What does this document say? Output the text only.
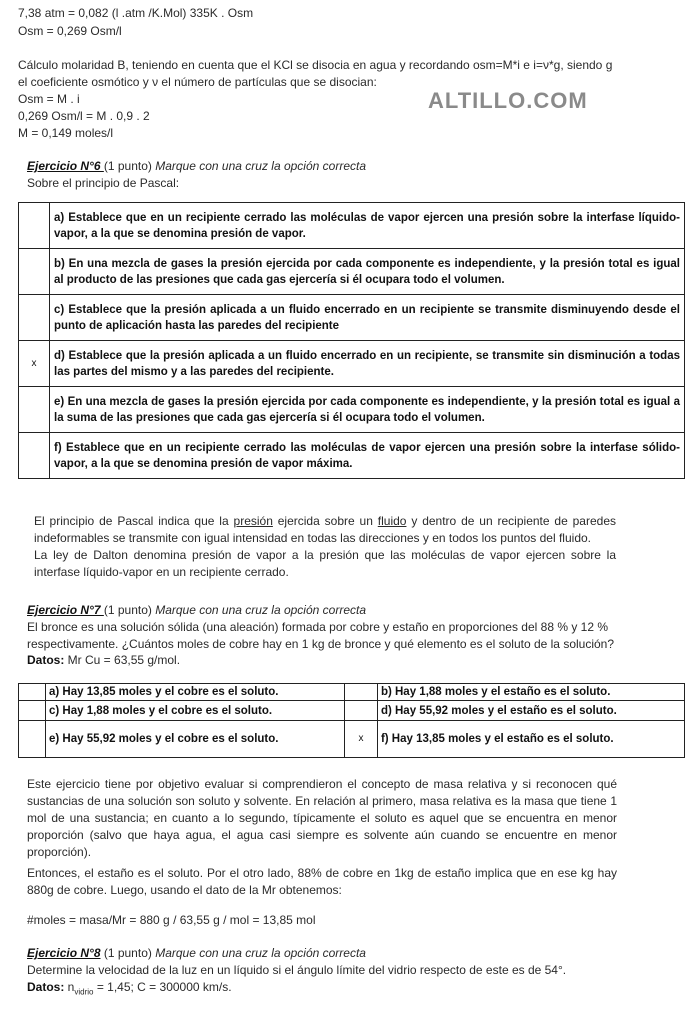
7,38 atm = 0,082 (l .atm /K.Mol) 335K . Osm
Osm = 0,269 Osm/l
Cálculo molaridad B, teniendo en cuenta que el KCl se disocia en agua y recordando osm=M*i e i=ν*g, siendo g el coeficiente osmótico y ν el número de partículas que se disocian:
Osm = M . i
0,269 Osm/l = M . 0,9 . 2
M = 0,149 moles/l
ALTILLO.COM
Ejercicio N°6 (1 punto) Marque con una cruz la opción correcta
Sobre el principio de Pascal:
	a) Establece que en un recipiente cerrado las moléculas de vapor ejercen una presión sobre la interfase líquido-vapor, a la que se denomina presión de vapor.
	b) En una mezcla de gases la presión ejercida por cada componente es independiente, y la presión total es igual al producto de las presiones que cada gas ejercería si él ocupara todo el volumen.
	c) Establece que la presión aplicada a un fluido encerrado en un recipiente se transmite disminuyendo desde el punto de aplicación hasta las paredes del recipiente
x	d) Establece que la presión aplicada a un fluido encerrado en un recipiente, se transmite sin disminución a todas las partes del mismo y a las paredes del recipiente.
	e) En una mezcla de gases la presión ejercida por cada componente es independiente, y la presión total es igual a la suma de las presiones que cada gas ejercería si él ocupara todo el volumen.
	f) Establece que en un recipiente cerrado las moléculas de vapor ejercen una presión sobre la interfase sólido-vapor, a la que se denomina presión de vapor máxima.
El principio de Pascal indica que la presión ejercida sobre un fluido y dentro de un recipiente de paredes indeformables se transmite con igual intensidad en todas las direcciones y en todos los puntos del fluido.
La ley de Dalton denomina presión de vapor a la presión que las moléculas de vapor ejercen sobre la interfase líquido-vapor en un recipiente cerrado.
Ejercicio N°7 (1 punto) Marque con una cruz la opción correcta
El bronce es una solución sólida (una aleación) formada por cobre y estaño en proporciones del 88 % y 12 % respectivamente. ¿Cuántos moles de cobre hay en 1 kg de bronce y qué elemento es el soluto de la solución?
Datos: Mr Cu = 63,55 g/mol.
	a) Hay 13,85 moles y el cobre es el soluto.		b) Hay 1,88 moles y el estaño es el soluto.
	c) Hay 1,88 moles y el cobre es el soluto.		d) Hay 55,92 moles y el estaño es el soluto.
	e) Hay 55,92 moles y el cobre es el soluto.	x	f) Hay 13,85 moles y el estaño es el soluto.
Este ejercicio tiene por objetivo evaluar si comprendieron el concepto de masa relativa y si reconocen qué sustancias de una solución son soluto y solvente. En relación al primero, masa relativa es la masa que tiene 1 mol de una sustancia; en cuanto a lo segundo, típicamente el soluto es aquel que se encuentra en menor proporción (salvo que haya agua, el agua casi siempre es solvente aún cuando se encuentre en menor proporción).
Entonces, el estaño es el soluto. Por el otro lado, 88% de cobre en 1kg de estaño implica que en ese kg hay 880g de cobre. Luego, usando el dato de la Mr obtenemos:
#moles = masa/Mr = 880 g / 63,55 g / mol = 13,85 mol
Ejercicio N°8 (1 punto) Marque con una cruz la opción correcta
Determine la velocidad de la luz en un líquido si el ángulo límite del vidrio respecto de este es de 54°.
Datos: $n_{vidrio} = 1,45$; C = 300000 km/s.
